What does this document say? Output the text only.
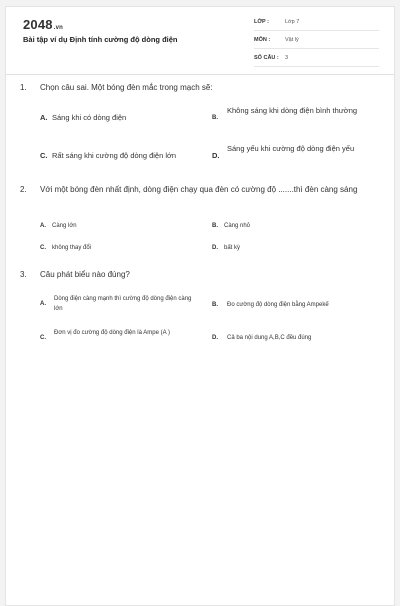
2048.vn
Bài tập ví dụ Định tính cường độ dòng điện
LỚP :	Lớp 7
MÔN :	Vật lý
SỐ CÂU : 3
1. Chọn câu sai. Một bóng đèn mắc trong mạch sẽ:
A. Sáng khi có dòng điện	B.
Không sáng khi dòng điện bình thường
C. Rất sáng khi cường độ dòng điện lớn	D.
Sáng yếu khi cường độ dòng điện yếu
2. Với một bóng đèn nhất định, dòng điện chạy qua đèn có cường độ .......thì đèn càng sáng
A. Càng lớn	B. Càng nhỏ
C. không thay đổi	D. bất kỳ
3. Câu phát biểu nào đúng?
A.
Dòng điện càng mạnh thì cường độ dòng điện càng lớn
B. Đo cường độ dòng điện bằng Ampekế
C.
Đơn vị đo cường độ dòng điện là Ampe (A )
D. Cả ba nội dung A,B,C đều đúng
